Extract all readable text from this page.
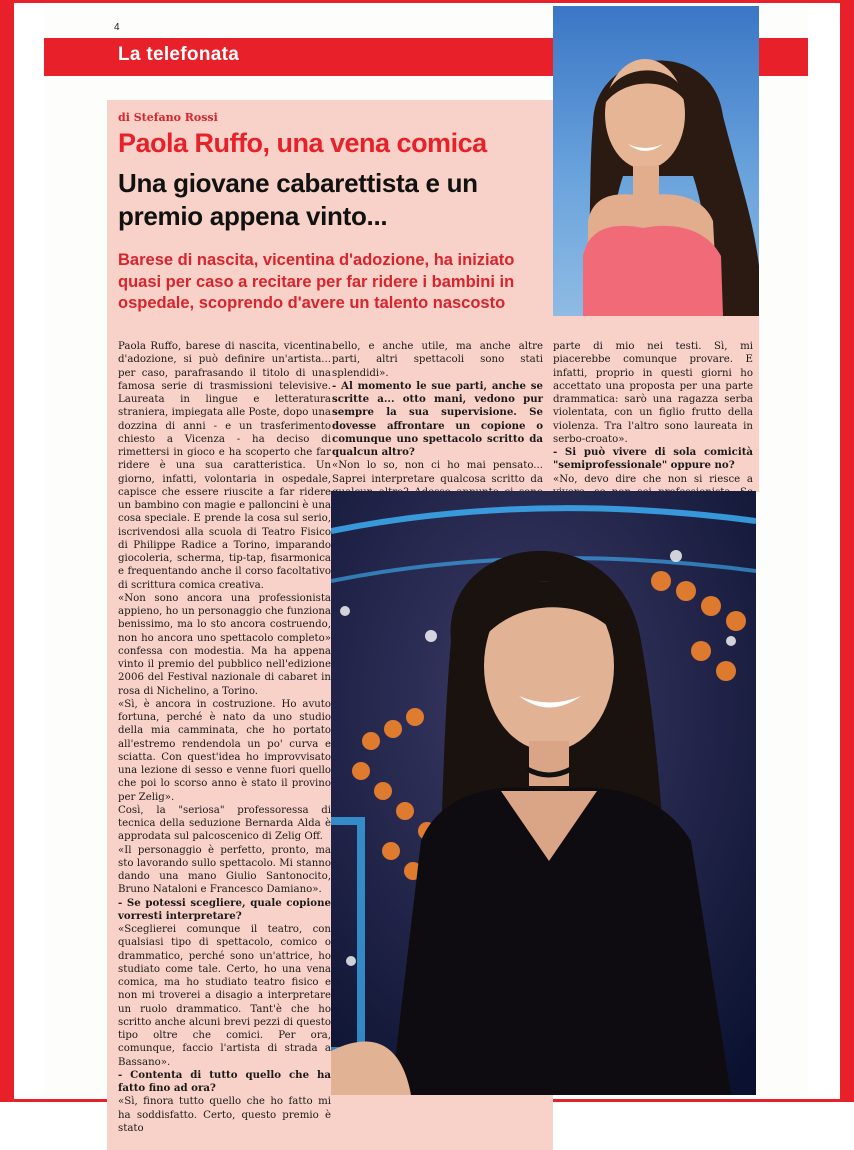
4
La telefonata
di Stefano Rossi
Paola Ruffo, una vena comica
Una giovane cabarettista e un premio appena vinto...
Barese di nascita, vicentina d'adozione, ha iniziato quasi per caso a recitare per far ridere i bambini in ospedale, scoprendo d'avere un talento nascosto

Paola Ruffo, barese di nascita, vicentina d'adozione, si può definire un'artista... per caso, parafrasando il titolo di una famosa serie di trasmissioni televisive. Laureata in lingue e letteratura straniera, impiegata alle Poste, dopo una dozzina di anni - e un trasferimento chiesto a Vicenza - ha deciso di rimettersi in gioco e ha scoperto che far ridere è una sua caratteristica. Un giorno, infatti, volontaria in ospedale, capisce che essere riuscite a far ridere un bambino con magie e palloncini è una cosa speciale. E prende la cosa sul serio, iscrivendosi alla scuola di Teatro Fisico di Philippe Radice a Torino, imparando giocoleria, scherma, tip-tap, fisarmonica e frequentando anche il corso facoltativo di scrittura comica creativa.

«Non sono ancora una professionista appieno, ho un personaggio che funziona benissimo, ma lo sto ancora costruendo, non ho ancora uno spettacolo completo» confessa con modestia. Ma ha appena vinto il premio del pubblico nell'edizione 2006 del Festival nazionale di cabaret in rosa di Nichelino, a Torino.

«Sì, è ancora in costruzione. Ho avuto fortuna, perché è nato da uno studio della mia camminata, che ho portato all'estremo rendendola un po' curva e sciatta. Con quest'idea ho improvvisato una lezione di sesso e venne fuori quello che poi lo scorso anno è stato il provino per Zelig».

Così, la "seriosa" professoressa di tecnica della seduzione Bernarda Alda è approdata sul palcoscenico di Zelig Off.

«Il personaggio è perfetto, pronto, ma sto lavorando sullo spettacolo. Mi stanno dando una mano Giulio Santonocito, Bruno Nataloni e Francesco Damiano».

- Se potessi scegliere, quale copione vorresti interpretare?

«Sceglierei comunque il teatro, con qualsiasi tipo di spettacolo, comico o drammatico, perché sono un'attrice, ho studiato come tale. Certo, ho una vena comica, ma ho studiato teatro fisico e non mi troverei a disagio a interpretare un ruolo drammatico. Tant'è che ho scritto anche alcuni brevi pezzi di questo tipo oltre che comici. Per ora, comunque, faccio l'artista di strada a Bassano».

- Contenta di tutto quello che ha fatto fino ad ora?

«Sì, finora tutto quello che ho fatto mi ha soddisfatto. Certo, questo premio è stato

bello, e anche utile, ma anche altre parti, altri spettacoli sono stati splendidi».

- Al momento le sue parti, anche se scritte a... otto mani, vedono pur sempre la sua supervisione. Se dovesse affrontare un copione o comunque uno spettacolo scritto da qualcun altro?

«Non lo so, non ci ho mai pensato... Saprei interpretare qualcosa scritto da

parte di mio nei testi. Sì, mi piacerebbe comunque provare. E infatti, proprio in questi giorni ho accettato una proposta per una parte drammatica: sarò una ragazza serba violentata, con un figlio frutto della violenza. Tra l'altro sono laureata in serbo-croato».

- Si può vivere di sola comicità "semiprofessionale" oppure no?

«No, devo dire che non si riesce a
